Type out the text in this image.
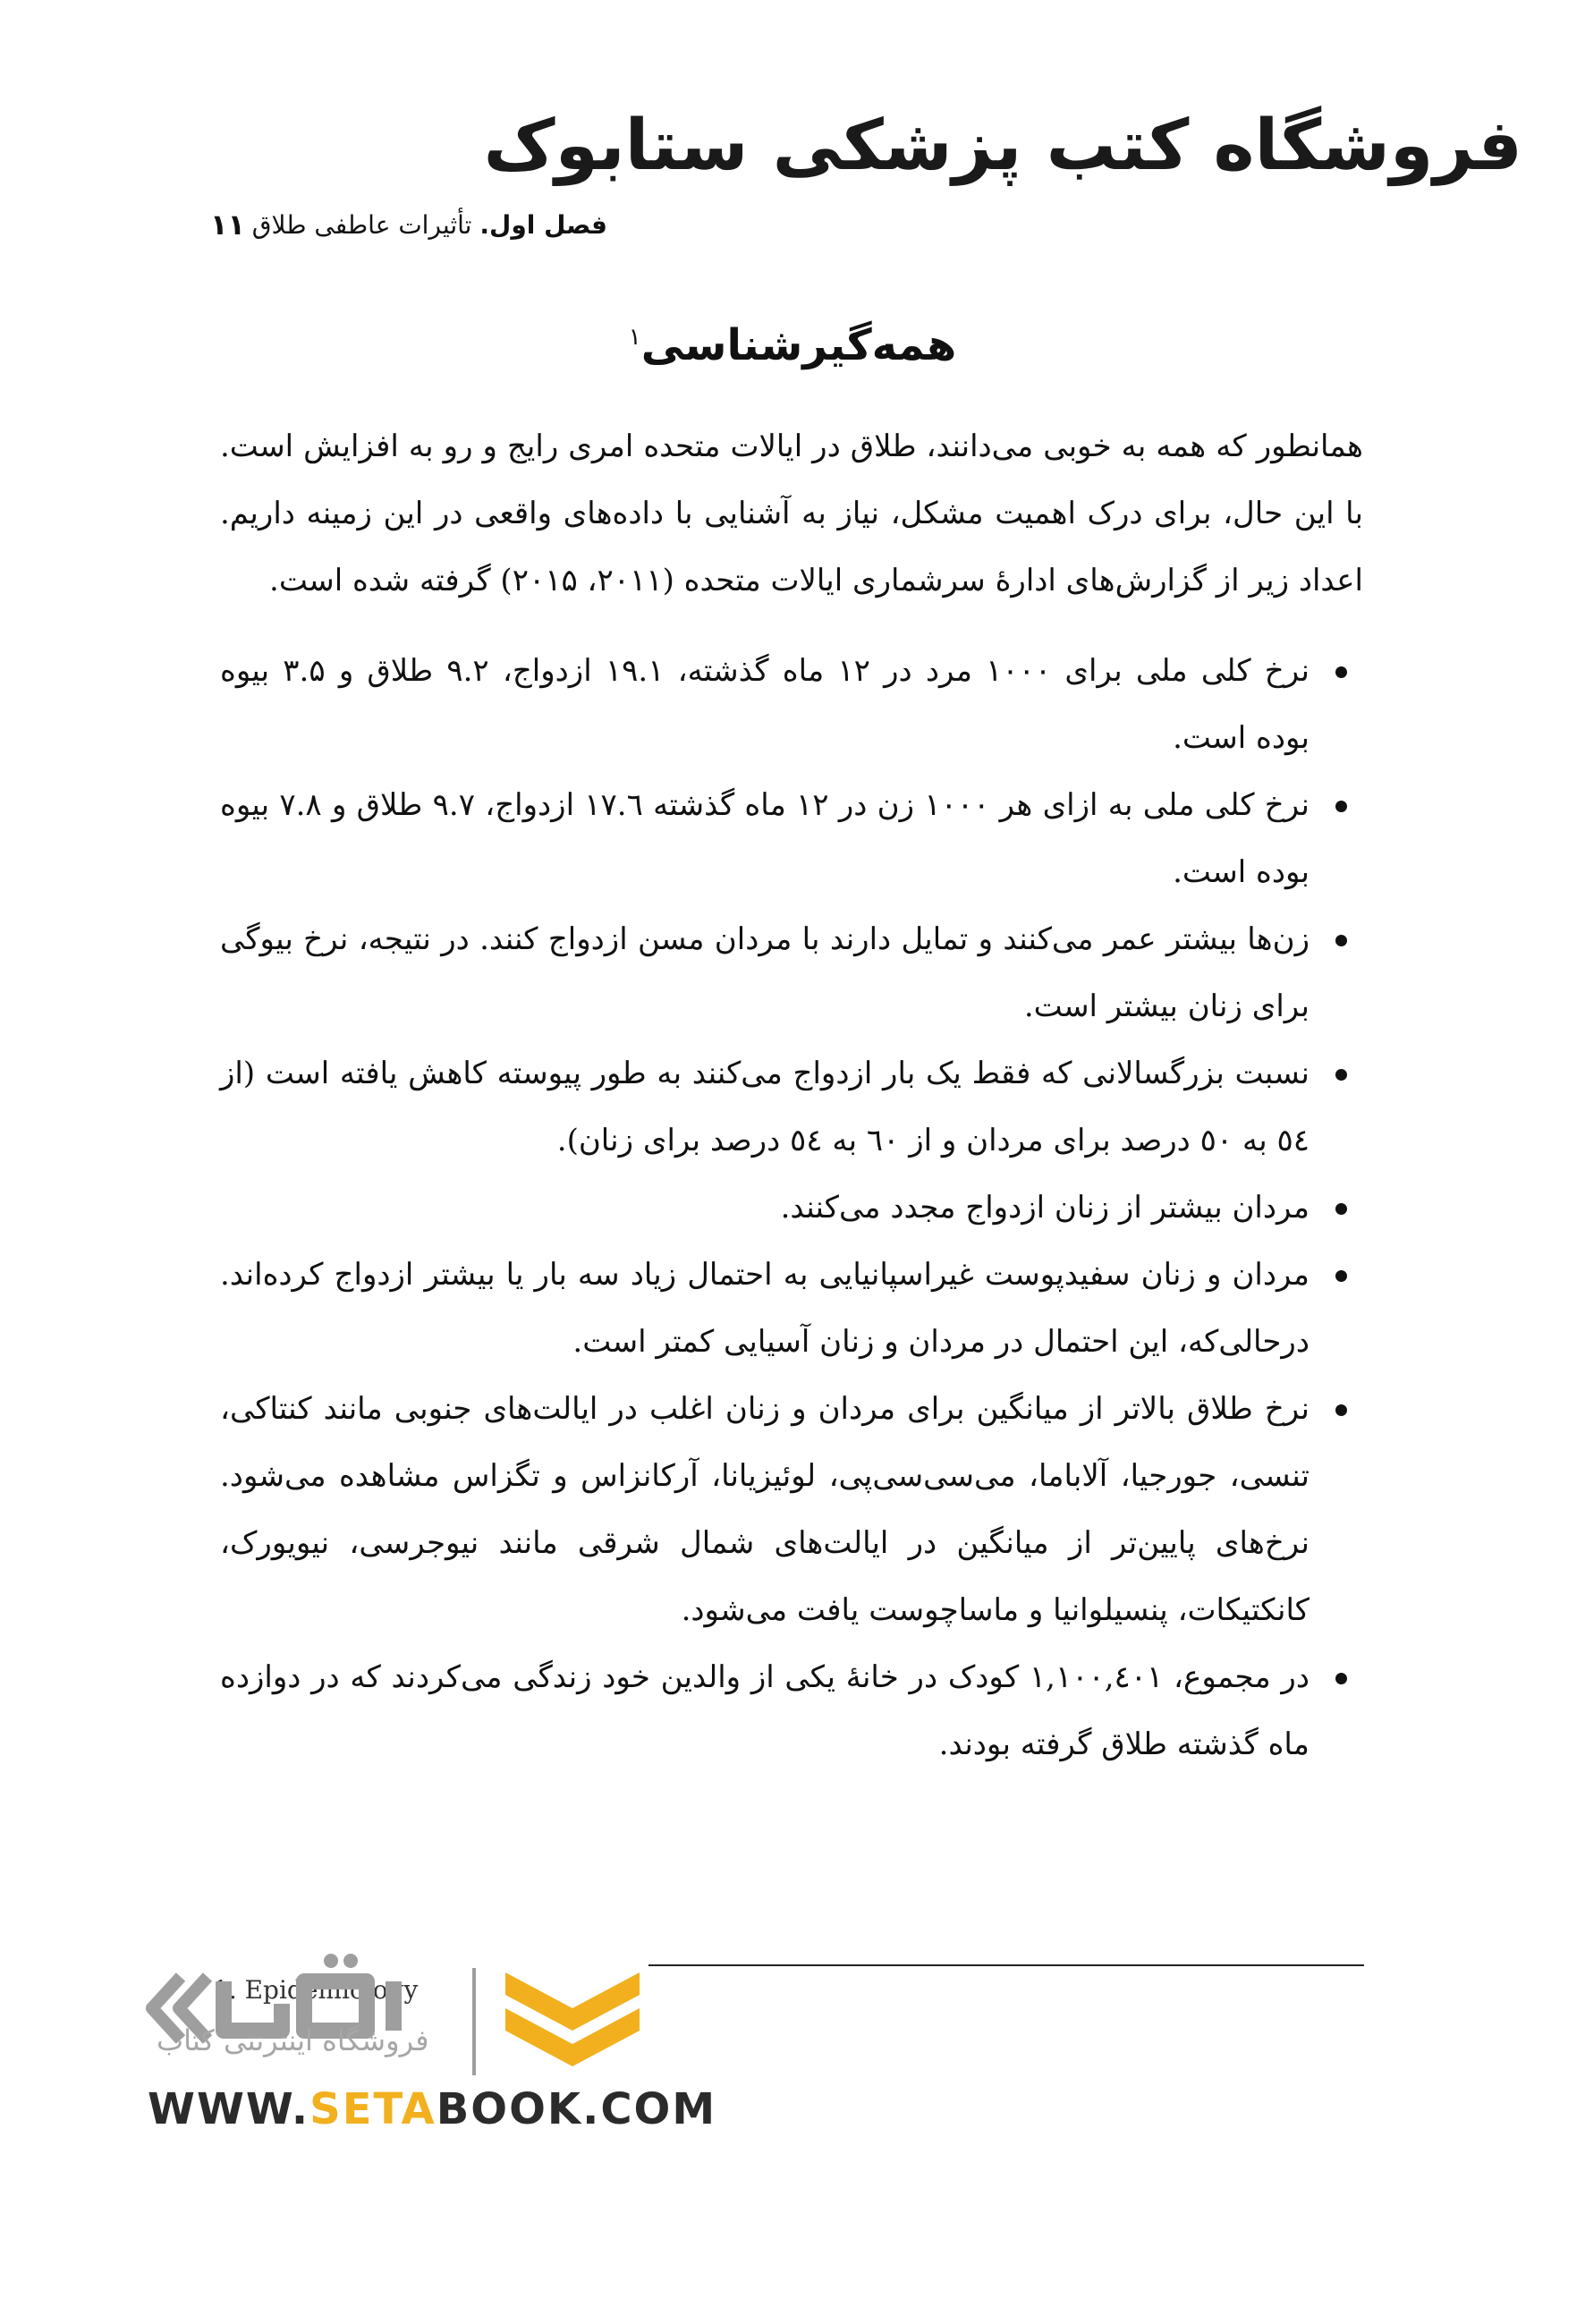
فروشگاه کتب پزشکی ستابوک
فصل اول. تأثیرات عاطفی طلاق
۱۱
همه‌گیرشناسی$^۱$

همانطور که همه به خوبی می‌دانند، طلاق در ایالات متحده امری رایج و رو به افزایش است. با این حال، برای درک اهمیت مشکل، نیاز به آشنایی با داده‌های واقعی در این زمینه داریم. اعداد زیر از گزارش‌های ادارهٔ سرشماری ایالات متحده (۲۰۱۱، ۲۰۱۵) گرفته شده است.

نرخ کلی ملی برای ۱۰۰۰ مرد در ۱۲ ماه گذشته، ۱۹.۱ ازدواج، ۹.۲ طلاق و ۳.۵ بیوه بوده است.
نرخ کلی ملی به ازای هر ۱۰۰۰ زن در ۱۲ ماه گذشته ۱۷.٦ ازدواج، ۹.۷ طلاق و ۷.۸ بیوه بوده است.
زن‌ها بیشتر عمر می‌کنند و تمایل دارند با مردان مسن ازدواج کنند. در نتیجه، نرخ بیوگی برای زنان بیشتر است.
نسبت بزرگسالانی که فقط یک بار ازدواج می‌کنند به طور پیوسته کاهش یافته است (از ٥٤ به ٥٠ درصد برای مردان و از ٦٠ به ٥٤ درصد برای زنان).
مردان بیشتر از زنان ازدواج مجدد می‌کنند.
مردان و زنان سفیدپوست غیراسپانیایی به احتمال زیاد سه بار یا بیشتر ازدواج کرده‌اند. درحالی‌که، این احتمال در مردان و زنان آسیایی کمتر است.
نرخ طلاق بالاتر از میانگین برای مردان و زنان اغلب در ایالت‌های جنوبی مانند کنتاکی، تنسی، جورجیا، آلاباما، می‌سی‌سی‌پی، لوئیزیانا، آرکانزاس و تگزاس مشاهده می‌شود. نرخ‌های پایین‌تر از میانگین در ایالت‌های شمال شرقی مانند نیوجرسی، نیویورک، کانکتیکات، پنسیلوانیا و ماساچوست یافت می‌شود.
در مجموع، ۱,۱۰۰,٤۰۱ کودک در خانهٔ یکی از والدین خود زندگی می‌کردند که در دوازده ماه گذشته طلاق گرفته بودند.
1. Epidemiology
فروشگاه اینترنتی کتاب
WWW.SETABOOK.COM
